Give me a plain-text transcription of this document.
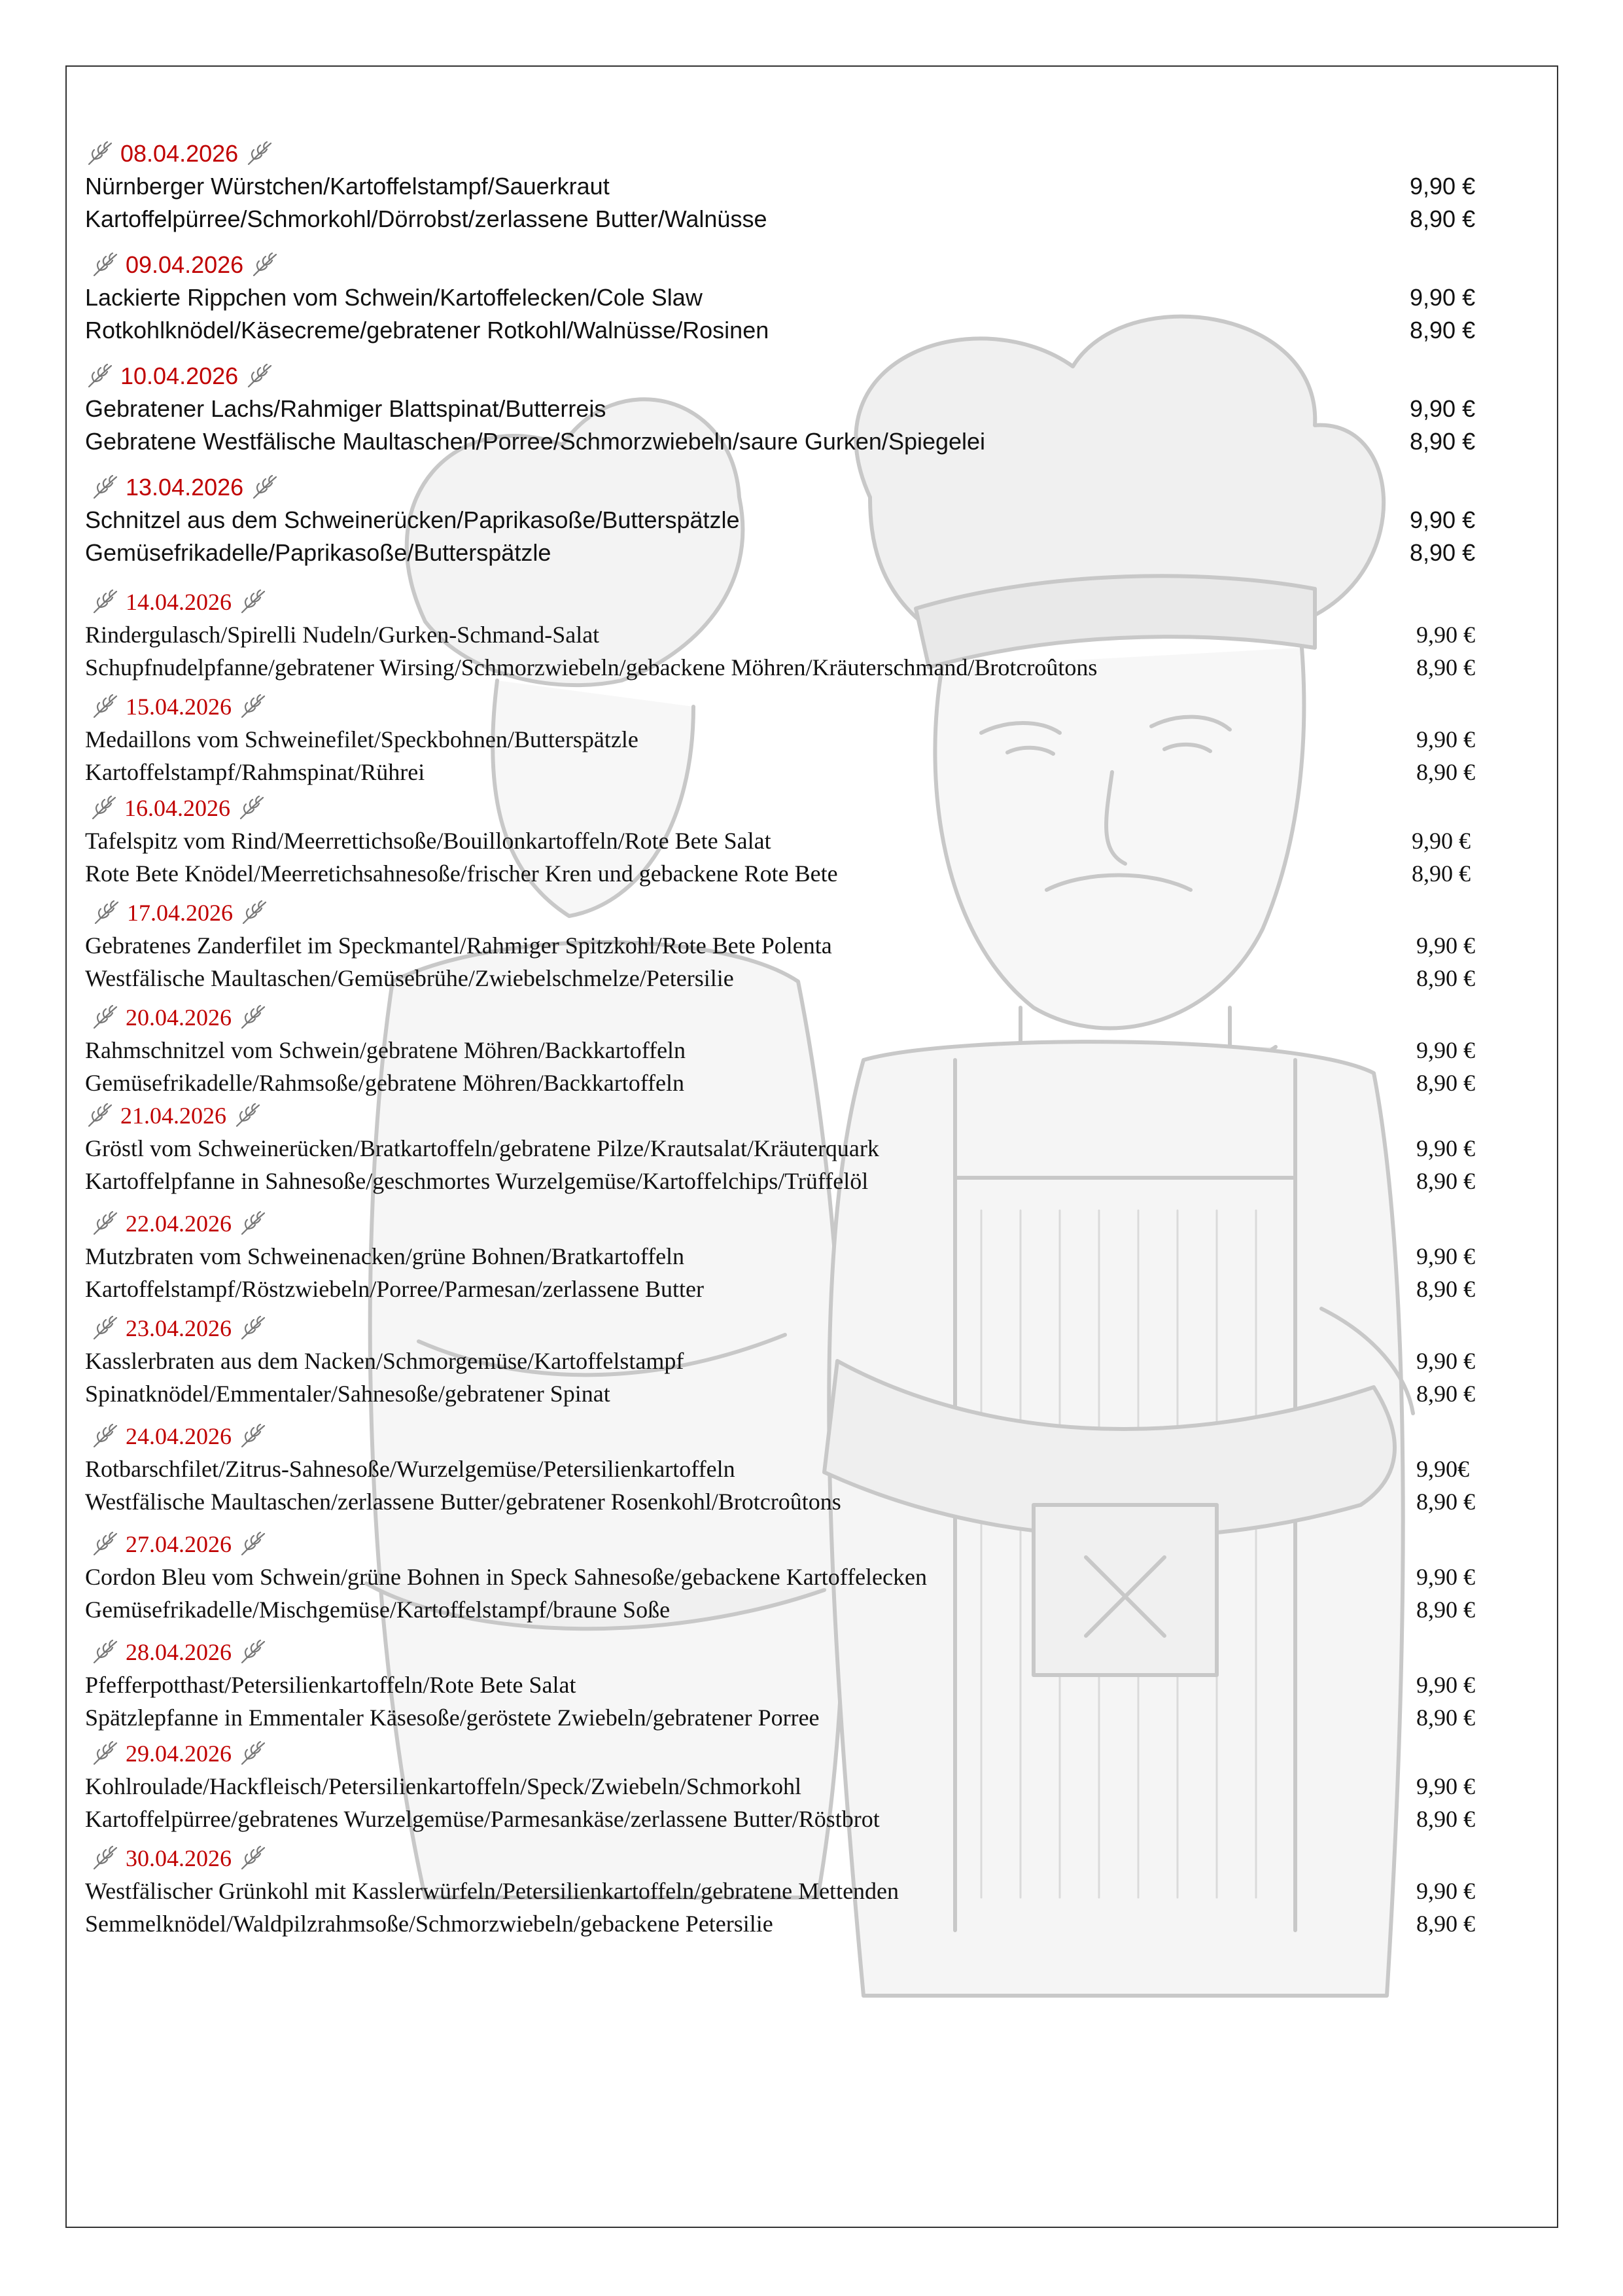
08.04.2026
Nürnberger Würstchen/Kartoffelstampf/Sauerkraut	9,90 €
Kartoffelpürree/Schmorkohl/Dörrobst/zerlassene Butter/Walnüsse	8,90 €
09.04.2026
Lackierte Rippchen vom Schwein/Kartoffelecken/Cole Slaw	9,90 €
Rotkohlknödel/Käsecreme/gebratener Rotkohl/Walnüsse/Rosinen	8,90 €
10.04.2026
Gebratener Lachs/Rahmiger Blattspinat/Butterreis	9,90 €
Gebratene Westfälische Maultaschen/Porree/Schmorzwiebeln/saure Gurken/Spiegelei	8,90 €
13.04.2026
Schnitzel aus dem Schweinerücken/Paprikasoße/Butterspätzle	9,90 €
Gemüsefrikadelle/Paprikasoße/Butterspätzle	8,90 €
14.04.2026
Rindergulasch/Spirelli Nudeln/Gurken-Schmand-Salat	9,90 €
Schupfnudelpfanne/gebratener Wirsing/Schmorzwiebeln/gebackene Möhren/Kräuterschmand/Brotcroûtons	8,90 €
15.04.2026
Medaillons vom Schweinefilet/Speckbohnen/Butterspätzle	9,90 €
Kartoffelstampf/Rahmspinat/Rührei	8,90 €
16.04.2026
Tafelspitz vom Rind/Meerrettichsoße/Bouillonkartoffeln/Rote Bete Salat	9,90 €
Rote Bete Knödel/Meerretichsahnesoße/frischer Kren und gebackene Rote Bete	8,90 €
17.04.2026
Gebratenes Zanderfilet im Speckmantel/Rahmiger Spitzkohl/Rote Bete Polenta	9,90 €
Westfälische Maultaschen/Gemüsebrühe/Zwiebelschmelze/Petersilie	8,90 €
20.04.2026
Rahmschnitzel vom Schwein/gebratene Möhren/Backkartoffeln	9,90 €
Gemüsefrikadelle/Rahmsoße/gebratene Möhren/Backkartoffeln	8,90 €
21.04.2026
Gröstl vom Schweinerücken/Bratkartoffeln/gebratene Pilze/Krautsalat/Kräuterquark	9,90 €
Kartoffelpfanne in Sahnesoße/geschmortes Wurzelgemüse/Kartoffelchips/Trüffelöl	8,90 €
22.04.2026
Mutzbraten vom Schweinenacken/grüne Bohnen/Bratkartoffeln	9,90 €
Kartoffelstampf/Röstzwiebeln/Porree/Parmesan/zerlassene Butter	8,90 €
23.04.2026
Kasslerbraten aus dem Nacken/Schmorgemüse/Kartoffelstampf	9,90 €
Spinatknödel/Emmentaler/Sahnesoße/gebratener Spinat	8,90 €
24.04.2026
Rotbarschfilet/Zitrus-Sahnesoße/Wurzelgemüse/Petersilienkartoffeln	9,90€
Westfälische Maultaschen/zerlassene Butter/gebratener Rosenkohl/Brotcroûtons	8,90 €
27.04.2026
Cordon Bleu vom Schwein/grüne Bohnen in Speck Sahnesoße/gebackene Kartoffelecken	9,90 €
Gemüsefrikadelle/Mischgemüse/Kartoffelstampf/braune Soße	8,90 €
28.04.2026
Pfefferpotthast/Petersilienkartoffeln/Rote Bete Salat	9,90 €
Spätzlepfanne in Emmentaler Käsesoße/geröstete Zwiebeln/gebratener Porree	8,90 €
29.04.2026
Kohlroulade/Hackfleisch/Petersilienkartoffeln/Speck/Zwiebeln/Schmorkohl	9,90 €
Kartoffelpürree/gebratenes Wurzelgemüse/Parmesankäse/zerlassene Butter/Röstbrot	8,90 €
30.04.2026
Westfälischer Grünkohl mit Kasslerwürfeln/Petersilienkartoffeln/gebratene Mettenden	9,90 €
Semmelknödel/Waldpilzrahmsoße/Schmorzwiebeln/gebackene Petersilie	8,90 €
